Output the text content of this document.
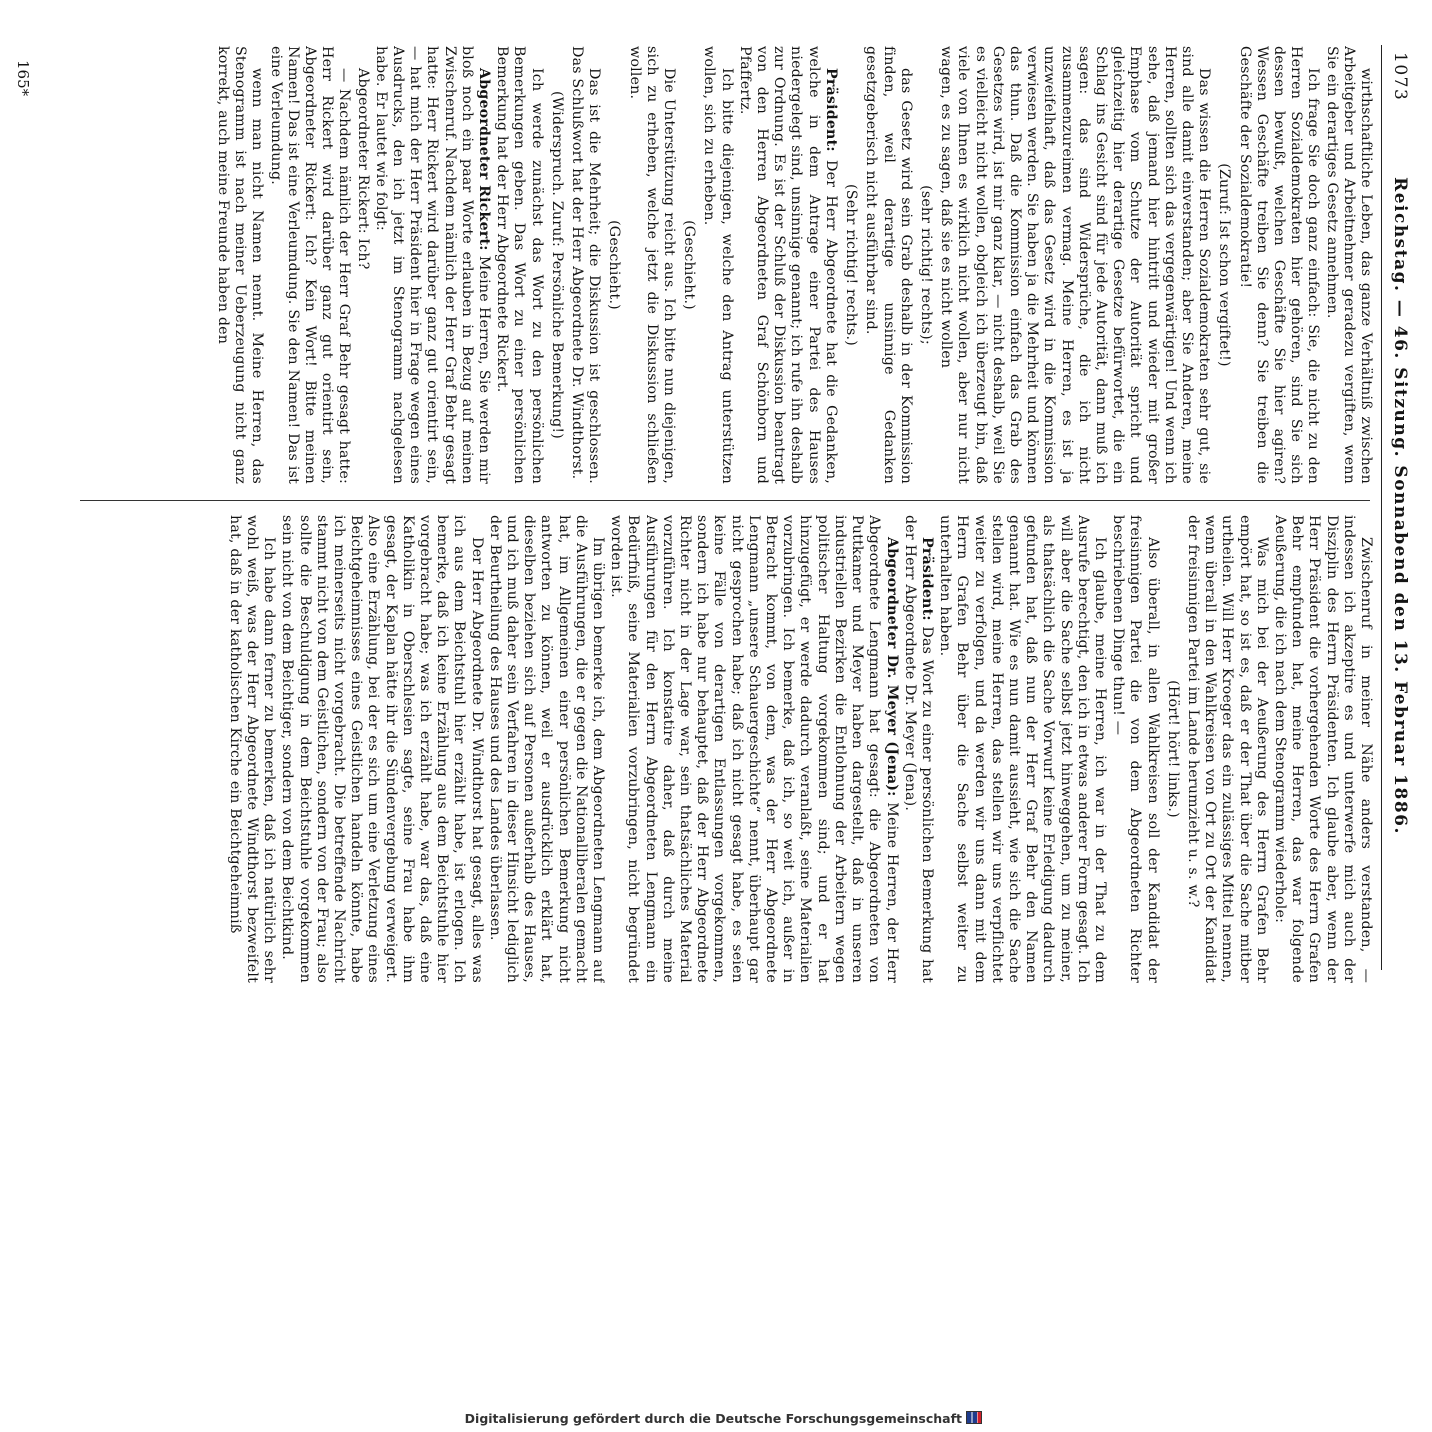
1073
Reichstag. — 46. Sitzung. Sonnabend den 13. Februar 1886.

wirthschaftliche Leben, das ganze Verhältniß zwischen Arbeitgeber und Arbeitnehmer geradezu vergiften, wenn Sie ein derartiges Gesetz annehmen.

Ich frage Sie doch ganz einfach: Sie, die nicht zu den Herren Sozialdemokraten hier gehören, sind Sie sich dessen bewußt, welchen Geschäfte Sie hier agiren? Wessen Geschäfte treiben Sie denn? Sie treiben die Geschäfte der Sozialdemokratie!

(Zuruf: Ist schon vergiftet!)

Das wissen die Herren Sozialdemokraten sehr gut, sie sind alle damit einverstanden; aber Sie Anderen, meine Herren, sollten sich das vergegenwärtigen! Und wenn ich sehe, daß jemand hier hintritt und wieder mit großer Emphase vom Schutze der Autorität spricht und gleichzeitig hier derartige Gesetze befürwortet, die ein Schlag ins Gesicht sind für jede Autorität, dann muß ich sagen: das sind Widersprüche, die ich nicht zusammenzureimen vermag. Meine Herren, es ist ja unzweifelhaft, daß das Gesetz wird in die Kommission verwiesen werden. Sie haben ja die Mehrheit und können das thun. Daß die Kommission einfach das Grab des Gesetzes wird, ist mir ganz klar, — nicht deshalb, weil Sie es vielleicht nicht wollen, obgleich ich überzeugt bin, daß viele von Ihnen es wirklich nicht wollen, aber nur nicht wagen, es zu sagen, daß sie es nicht wollen

(sehr richtig! rechts);

das Gesetz wird sein Grab deshalb in der Kommission finden, weil derartige unsinnige Gedanken gesetzgeberisch nicht ausführbar sind.

(Sehr richtig! rechts.)

Präsident: Der Herr Abgeordnete hat die Gedanken, welche in dem Antrage einer Partei des Hauses niedergelegt sind, unsinnige genannt; ich rufe ihn deshalb zur Ordnung. Es ist der Schluß der Diskussion beantragt von den Herren Abgeordneten Graf Schönborn und Pfaffertz.

Ich bitte diejenigen, welche den Antrag unterstützen wollen, sich zu erheben.

(Geschieht.)

Die Unterstützung reicht aus. Ich bitte nun diejenigen, sich zu erheben, welche jetzt die Diskussion schließen wollen.

(Geschieht.)

Das ist die Mehrheit; die Diskussion ist geschlossen. Das Schlußwort hat der Herr Abgeordnete Dr. Windthorst.

(Widerspruch. Zuruf: Persönliche Bemerkung!)

Ich werde zunächst das Wort zu den persönlichen Bemerkungen geben. Das Wort zu einer persönlichen Bemerkung hat der Herr Abgeordnete Rickert.

Abgeordneter Rickert: Meine Herren, Sie werden mir bloß noch ein paar Worte erlauben in Bezug auf meinen Zwischenruf. Nachdem nämlich der Herr Graf Behr gesagt hatte: Herr Rickert wird darüber ganz gut orientirt sein, — hat mich der Herr Präsident hier in Frage wegen eines Ausdrucks, den ich jetzt im Stenogramm nachgelesen habe. Er lautet wie folgt:

Abgeordneter Rickert: Ich?

— Nachdem nämlich der Herr Graf Behr gesagt hatte: Herr Rickert wird darüber ganz gut orientirt sein, Abgeordneter Rickert: Ich? Kein Wort! Bitte meinen Namen! Das ist eine Verleumdung. Sie den Namen! Das ist eine Verleumdung.

wenn man nicht Namen nennt. Meine Herren, das Stenogramm ist nach meiner Ueberzeugung nicht ganz korrekt, auch meine Freunde haben den

Zwischenruf in meiner Nähe anders verstanden, — indessen ich akzeptire es und unterwerfe mich auch der Disziplin des Herrn Präsidenten. Ich glaube aber, wenn der Herr Präsident die vorhergehenden Worte des Herrn Grafen Behr empfunden hat, meine Herren, das war folgende Aeußerung, die ich nach dem Stenogramm wiederhole:

Was mich bei der Aeußerung des Herrn Grafen Behr empört hat, so ist es, daß er der That über die Sache mitber urtheilen. Will Herr Kroeger das ein zulässiges Mittel nennen, wenn überall in den Wahlkreisen von Ort zu Ort der Kandidat der freisinnigen Partei im Lande herumzieht u. s. w.?

(Hört! hört! links.)

Also überall, in allen Wahlkreisen soll der Kandidat der freisinnigen Partei die von dem Abgeordneten Richter beschriebenen Dinge thun! —

Ich glaube, meine Herren, ich war in der That zu dem Ausrufe berechtigt, den ich in etwas anderer Form gesagt. Ich will aber die Sache selbst jetzt hinweggehen, um zu meiner, als thatsächlich die Sache Vorwurf keine Erledigung dadurch gefunden hat, daß nun der Herr Graf Behr den Namen genannt hat. Wie es nun damit aussieht, wie sich die Sache stellen wird, meine Herren, das stellen wir uns verpflichtet weiter zu verfolgen, und da werden wir uns dann mit dem Herrn Grafen Behr über die Sache selbst weiter zu unterhalten haben.

Präsident: Das Wort zu einer persönlichen Bemerkung hat der Herr Abgeordnete Dr. Meyer (Jena).

Abgeordneter Dr. Meyer (Jena): Meine Herren, der Herr Abgeordnete Lengmann hat gesagt: die Abgeordneten von Puttkamer und Meyer haben dargestellt, daß in unseren industriellen Bezirken die Entlohnung der Arbeitern wegen politischer Haltung vorgekommen sind; und er hat hinzugefügt, er werde dadurch veranlaßt, seine Materialien vorzubringen. Ich bemerke, daß ich, so weit ich, außer in Betracht kommt, von dem, was der Herr Abgeordnete Lengmann „unsere Schauergeschichte“ nennt, überhaupt gar nicht gesprochen habe; daß ich nicht gesagt habe, es seien keine Fälle von derartigen Entlassungen vorgekommen, sondern ich habe nur behauptet, daß der Herr Abgeordnete Richter nicht in der Lage war, sein thatsächliches Material vorzuführen. Ich konstatire daher, daß durch meine Ausführungen für den Herrn Abgeordneten Lengmann ein Bedürfniß, seine Materialien vorzubringen, nicht begründet worden ist.

Im übrigen bemerke ich, dem Abgeordneten Lengmann auf die Ausführungen, die er gegen die Nationalliberalen gemacht hat, im Allgemeinen einer persönlichen Bemerkung nicht antworten zu können, weil er ausdrücklich erklärt hat, dieselben beziehen sich auf Personen außerhalb des Hauses, und ich muß daher sein Verfahren in dieser Hinsicht lediglich der Beurtheilung des Hauses und des Landes überlassen.

Der Herr Abgeordnete Dr. Windthorst hat gesagt, alles was ich aus dem Beichtstuhl hier erzählt habe, ist erlogen. Ich bemerke, daß ich keine Erzählung aus dem Beichtstuhle hier vorgebracht habe; was ich erzählt habe, war das, daß eine Katholikin in Oberschlesien sagte, seine Frau habe ihm gesagt, der Kaplan hätte ihr die Sündenvergebung verweigert. Also eine Erzählung, bei der es sich um eine Verletzung eines Beichtgeheimnisses eines Geistlichen handeln könnte, habe ich meinerseits nicht vorgebracht. Die betreffende Nachricht stammt nicht von dem Geistlichen, sondern von der Frau; also sollte die Beschuldigung in dem Beichtstuhle vorgekommen sein nicht von dem Beichtiger, sondern von dem Beichtkind.

Ich habe dann ferner zu bemerken, daß ich natürlich sehr wohl weiß, was der Herr Abgeordnete Windthorst bezweifelt hat, daß in der katholischen Kirche ein Beichtgeheimniß

165*
Digitalisierung gefördert durch die Deutsche Forschungsgemeinschaft
